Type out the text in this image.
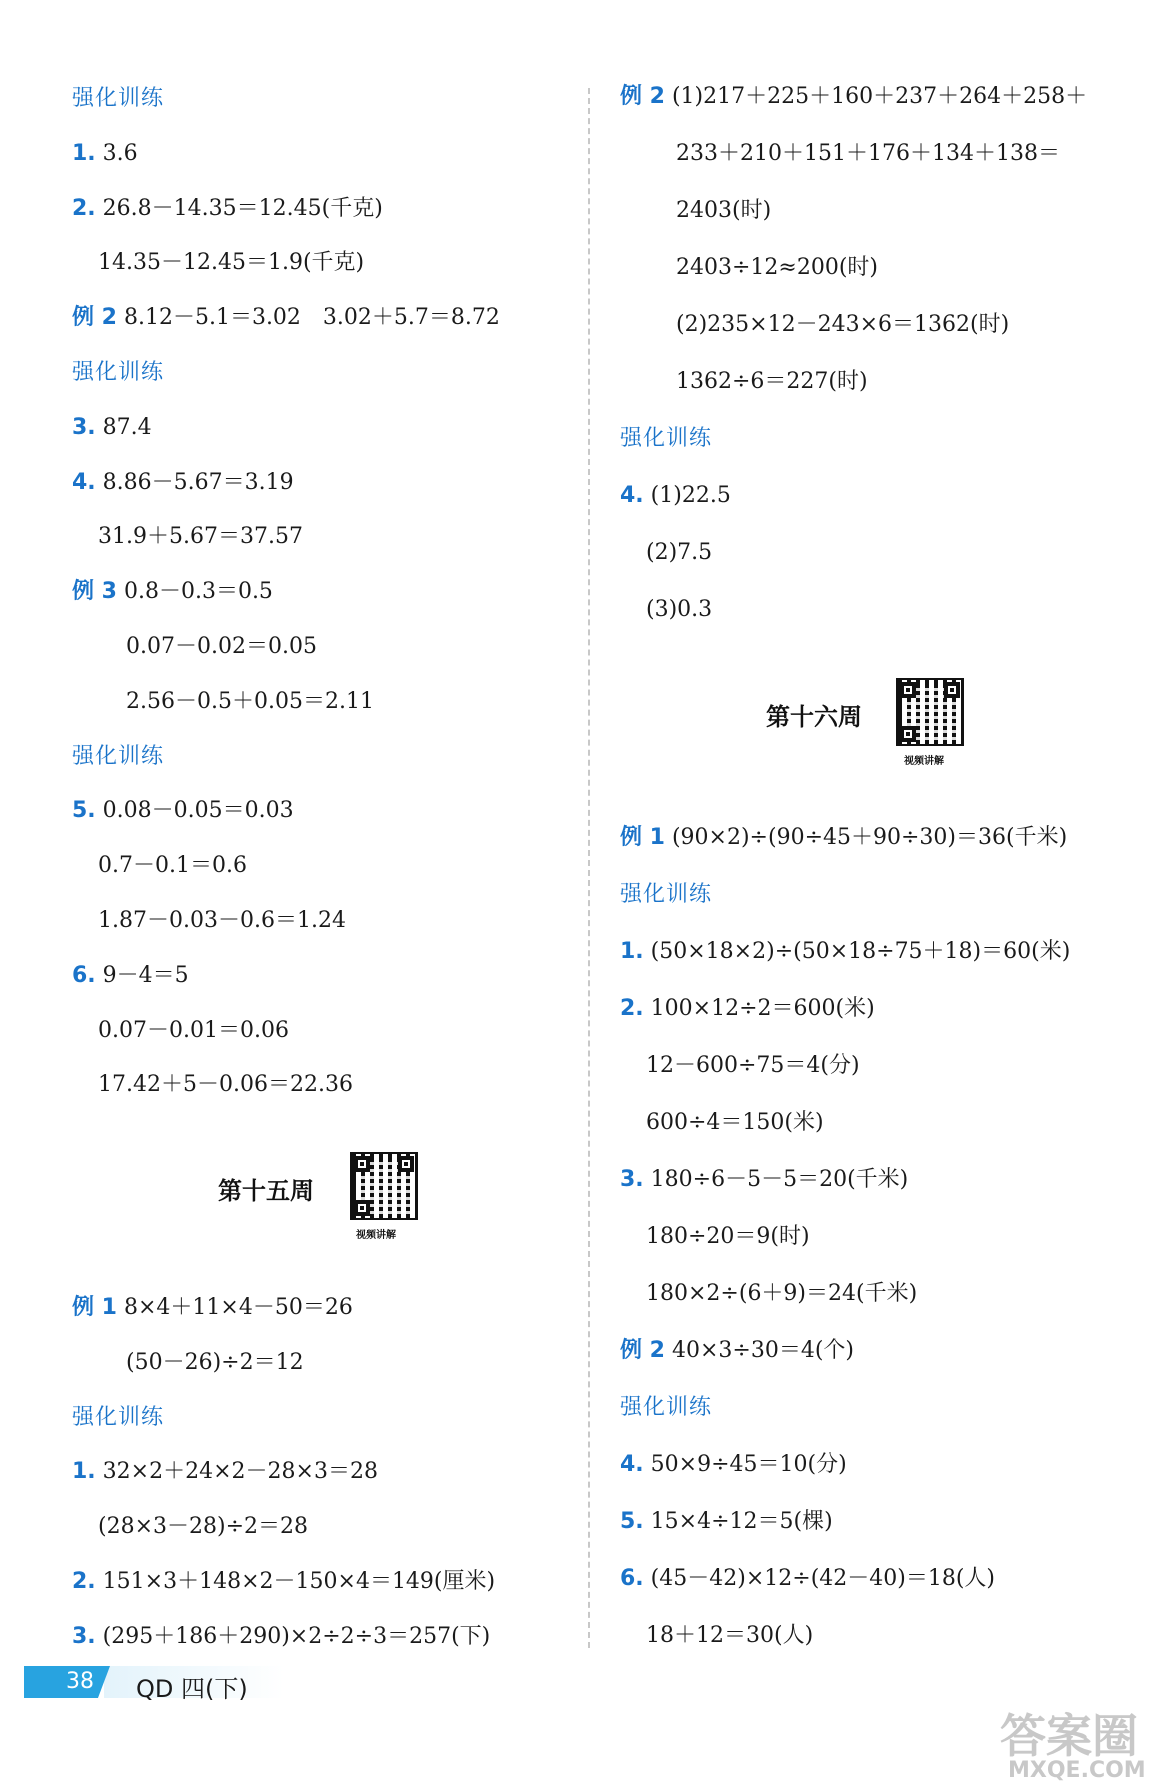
强化训练
1. 3.6
2. 26.8－14.35＝12.45(千克)
14.35－12.45＝1.9(千克)
例 2 8.12－5.1＝3.02　3.02＋5.7＝8.72
强化训练
3. 87.4
4. 8.86－5.67＝3.19
31.9＋5.67＝37.57
例 3 0.8－0.3＝0.5
0.07－0.02＝0.05
2.56－0.5＋0.05＝2.11
强化训练
5. 0.08－0.05＝0.03
0.7－0.1＝0.6
1.87－0.03－0.6＝1.24
6. 9－4＝5
0.07－0.01＝0.06
17.42＋5－0.06＝22.36
例 1 8×4＋11×4－50＝26
(50－26)÷2＝12
强化训练
1. 32×2＋24×2－28×3＝28
(28×3－28)÷2＝28
2. 151×3＋148×2－150×4＝149(厘米)
3. (295＋186＋290)×2÷2÷3＝257(下)
例 2 (1)217＋225＋160＋237＋264＋258＋
233＋210＋151＋176＋134＋138＝
2403(时)
2403÷12≈200(时)
(2)235×12－243×6＝1362(时)
1362÷6＝227(时)
强化训练
4. (1)22.5
(2)7.5
(3)0.3
例 1 (90×2)÷(90÷45＋90÷30)＝36(千米)
强化训练
1. (50×18×2)÷(50×18÷75＋18)＝60(米)
2. 100×12÷2＝600(米)
12－600÷75＝4(分)
600÷4＝150(米)
3. 180÷6－5－5＝20(千米)
180÷20＝9(时)
180×2÷(6＋9)＝24(千米)
例 2 40×3÷30＝4(个)
强化训练
4. 50×9÷45＝10(分)
5. 15×4÷12＝5(棵)
6. (45－42)×12÷(42－40)＝18(人)
18＋12＝30(人)
第十五周
视频讲解
第十六周
视频讲解
38 QD 四(下)
答案圈
MXQE.COM
